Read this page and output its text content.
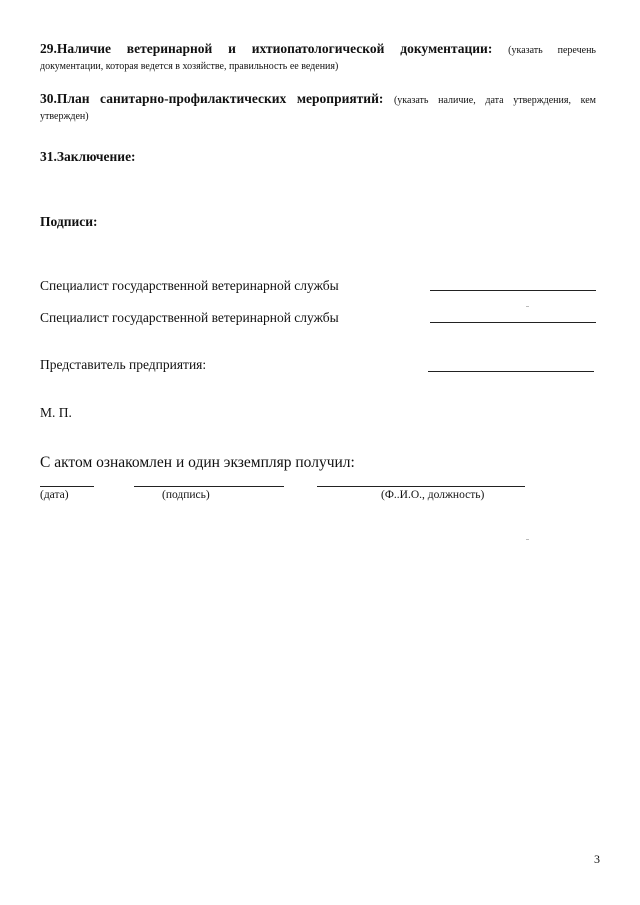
29.Наличие ветеринарной и ихтиопатологической документации: (указать перечень
документации, которая ведется в хозяйстве, правильность ее ведения)
30.План санитарно-профилактических мероприятий: (указать наличие, дата утверждения, кем
утвержден)
31.Заключение:
Подписи:
Специалист государственной ветеринарной службы
Специалист государственной ветеринарной службы
Представитель предприятия:
М. П.
С актом ознакомлен и один экземпляр получил:
(дата)	(подпись)	(Ф..И.О., должность)
3
